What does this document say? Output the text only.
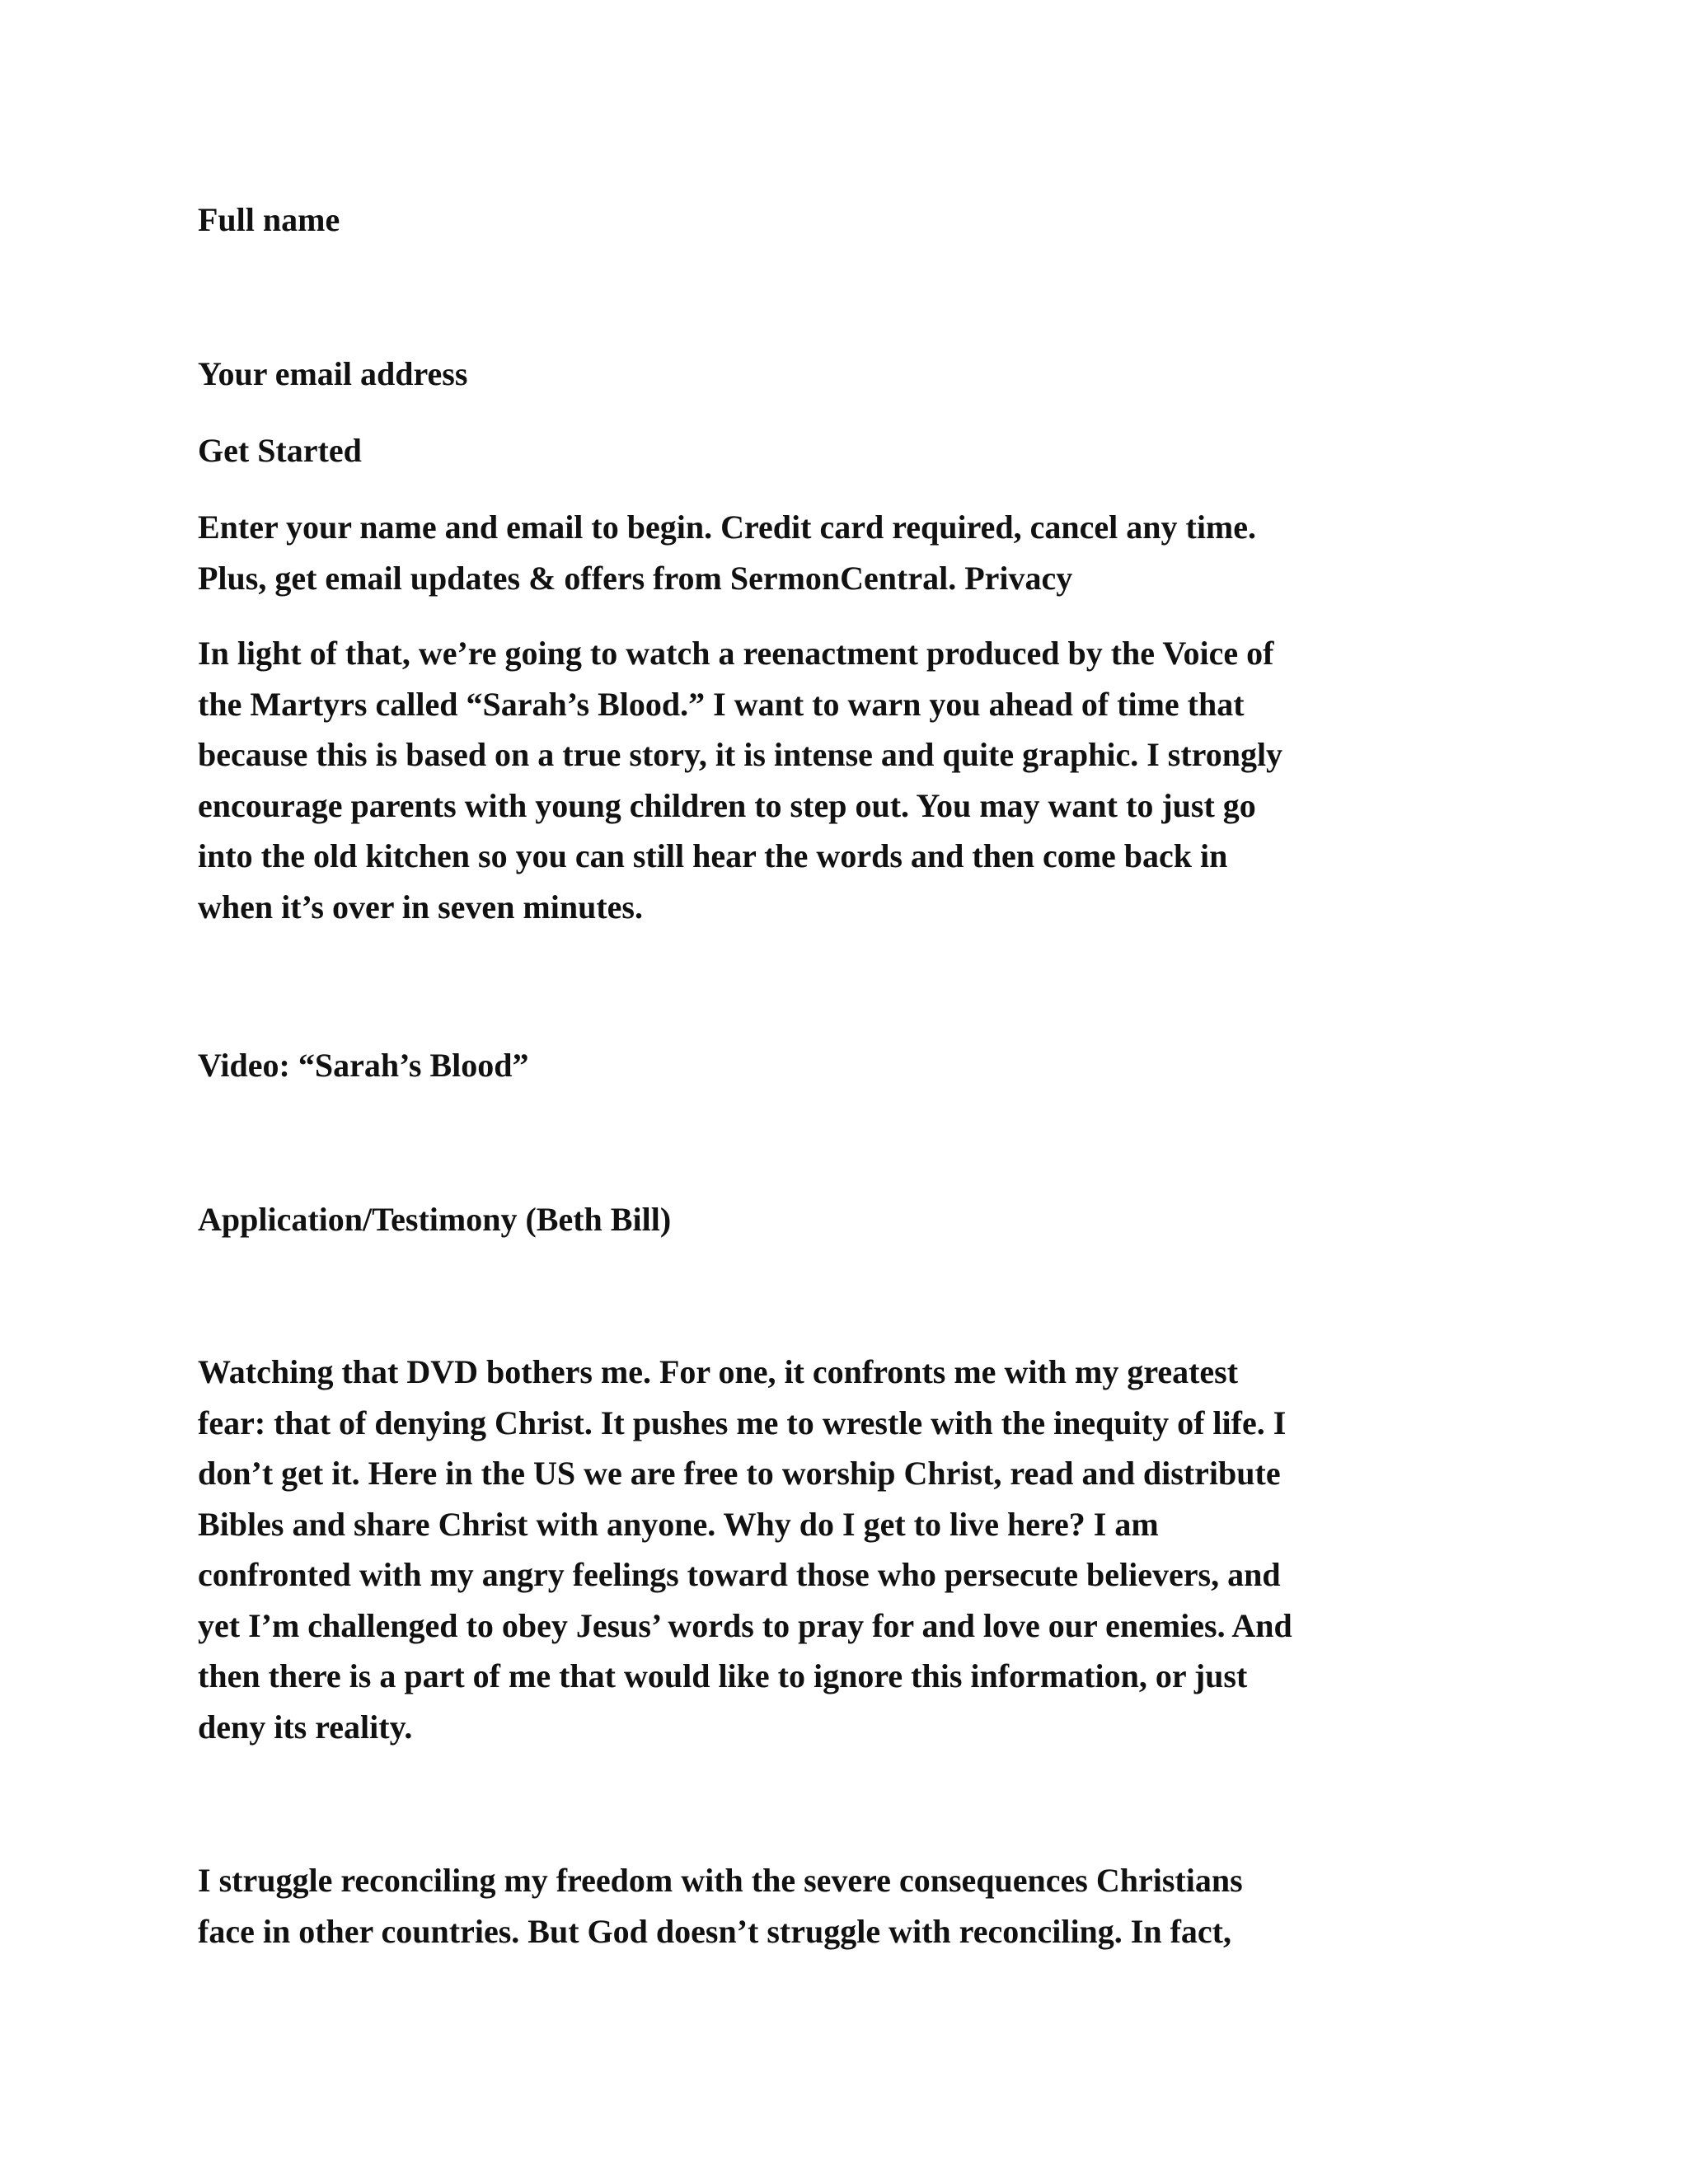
Full name

Your email address

Get Started

Enter your name and email to begin. Credit card required, cancel any time.
Plus, get email updates & offers from SermonCentral. Privacy
In light of that, we’re going to watch a reenactment produced by the Voice of
the Martyrs called “Sarah’s Blood.” I want to warn you ahead of time that
because this is based on a true story, it is intense and quite graphic. I strongly
encourage parents with young children to step out. You may want to just go
into the old kitchen so you can still hear the words and then come back in
when it’s over in seven minutes.

Video: “Sarah’s Blood”

Application/Testimony (Beth Bill)

Watching that DVD bothers me. For one, it confronts me with my greatest
fear: that of denying Christ. It pushes me to wrestle with the inequity of life. I
don’t get it. Here in the US we are free to worship Christ, read and distribute
Bibles and share Christ with anyone. Why do I get to live here? I am
confronted with my angry feelings toward those who persecute believers, and
yet I’m challenged to obey Jesus’ words to pray for and love our enemies. And
then there is a part of me that would like to ignore this information, or just
deny its reality.
I struggle reconciling my freedom with the severe consequences Christians
face in other countries. But God doesn’t struggle with reconciling. In fact,
